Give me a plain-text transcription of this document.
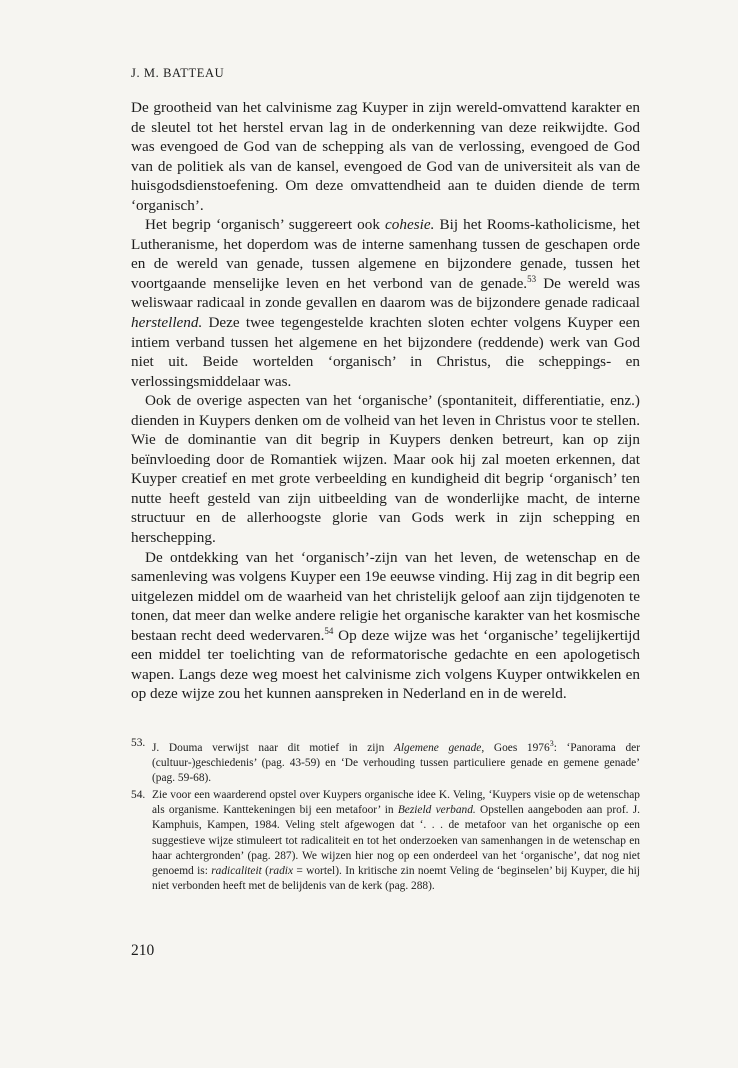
J. M. BATTEAU

De grootheid van het calvinisme zag Kuyper in zijn wereld-omvattend karakter en de sleutel tot het herstel ervan lag in de onderkenning van deze reikwijdte. God was evengoed de God van de schepping als van de verlossing, evengoed de God van de politiek als van de kansel, evengoed de God van de universiteit als van de huisgodsdienstoefening. Om deze omvattendheid aan te duiden diende de term ‘organisch’.

Het begrip ‘organisch’ suggereert ook cohesie. Bij het Rooms-katholicisme, het Lutheranisme, het doperdom was de interne samenhang tussen de geschapen orde en de wereld van genade, tussen algemene en bijzondere genade, tussen het voortgaande menselijke leven en het verbond van de genade.$^{53}$ De wereld was weliswaar radicaal in zonde gevallen en daarom was de bijzondere genade radicaal herstellend. Deze twee tegengestelde krachten sloten echter volgens Kuyper een intiem verband tussen het algemene en het bijzondere (reddende) werk van God niet uit. Beide wortelden ‘organisch’ in Christus, die scheppings- en verlossingsmiddelaar was.

Ook de overige aspecten van het ‘organische’ (spontaniteit, differentiatie, enz.) dienden in Kuypers denken om de volheid van het leven in Christus voor te stellen. Wie de dominantie van dit begrip in Kuypers denken betreurt, kan op zijn beïnvloeding door de Romantiek wijzen. Maar ook hij zal moeten erkennen, dat Kuyper creatief en met grote verbeelding en kundigheid dit begrip ‘organisch’ ten nutte heeft gesteld van zijn uitbeelding van de wonderlijke macht, de interne structuur en de allerhoogste glorie van Gods werk in zijn schepping en herschepping.

De ontdekking van het ‘organisch’-zijn van het leven, de wetenschap en de samenleving was volgens Kuyper een 19e eeuwse vinding. Hij zag in dit begrip een uitgelezen middel om de waarheid van het christelijk geloof aan zijn tijdgenoten te tonen, dat meer dan welke andere religie het organische karakter van het kosmische bestaan recht deed wedervaren.$^{54}$ Op deze wijze was het ‘organische’ tegelijkertijd een middel ter toelichting van de reformatorische gedachte en een apologetisch wapen. Langs deze weg moest het calvinisme zich volgens Kuyper ontwikkelen en op deze wijze zou het kunnen aanspreken in Nederland en in de wereld.

53. J. Douma verwijst naar dit motief in zijn Algemene genade, Goes 1976$^3$: ‘Panorama der (cultuur-)geschiedenis’ (pag. 43-59) en ‘De verhouding tussen particuliere genade en gemene genade’ (pag. 59-68).
54. Zie voor een waarderend opstel over Kuypers organische idee K. Veling, ‘Kuypers visie op de wetenschap als organisme. Kanttekeningen bij een metafoor’ in Bezield verband. Opstellen aangeboden aan prof. J. Kamphuis, Kampen, 1984. Veling stelt afgewogen dat ‘. . . de metafoor van het organische op een suggestieve wijze stimuleert tot radicaliteit en tot het onderzoeken van samenhangen in de wetenschap en haar achtergronden’ (pag. 287). We wijzen hier nog op een onderdeel van het ‘organische’, dat nog niet genoemd is: radicaliteit (radix = wortel). In kritische zin noemt Veling de ‘beginselen’ bij Kuyper, die hij niet verbonden heeft met de belijdenis van de kerk (pag. 288).
210
